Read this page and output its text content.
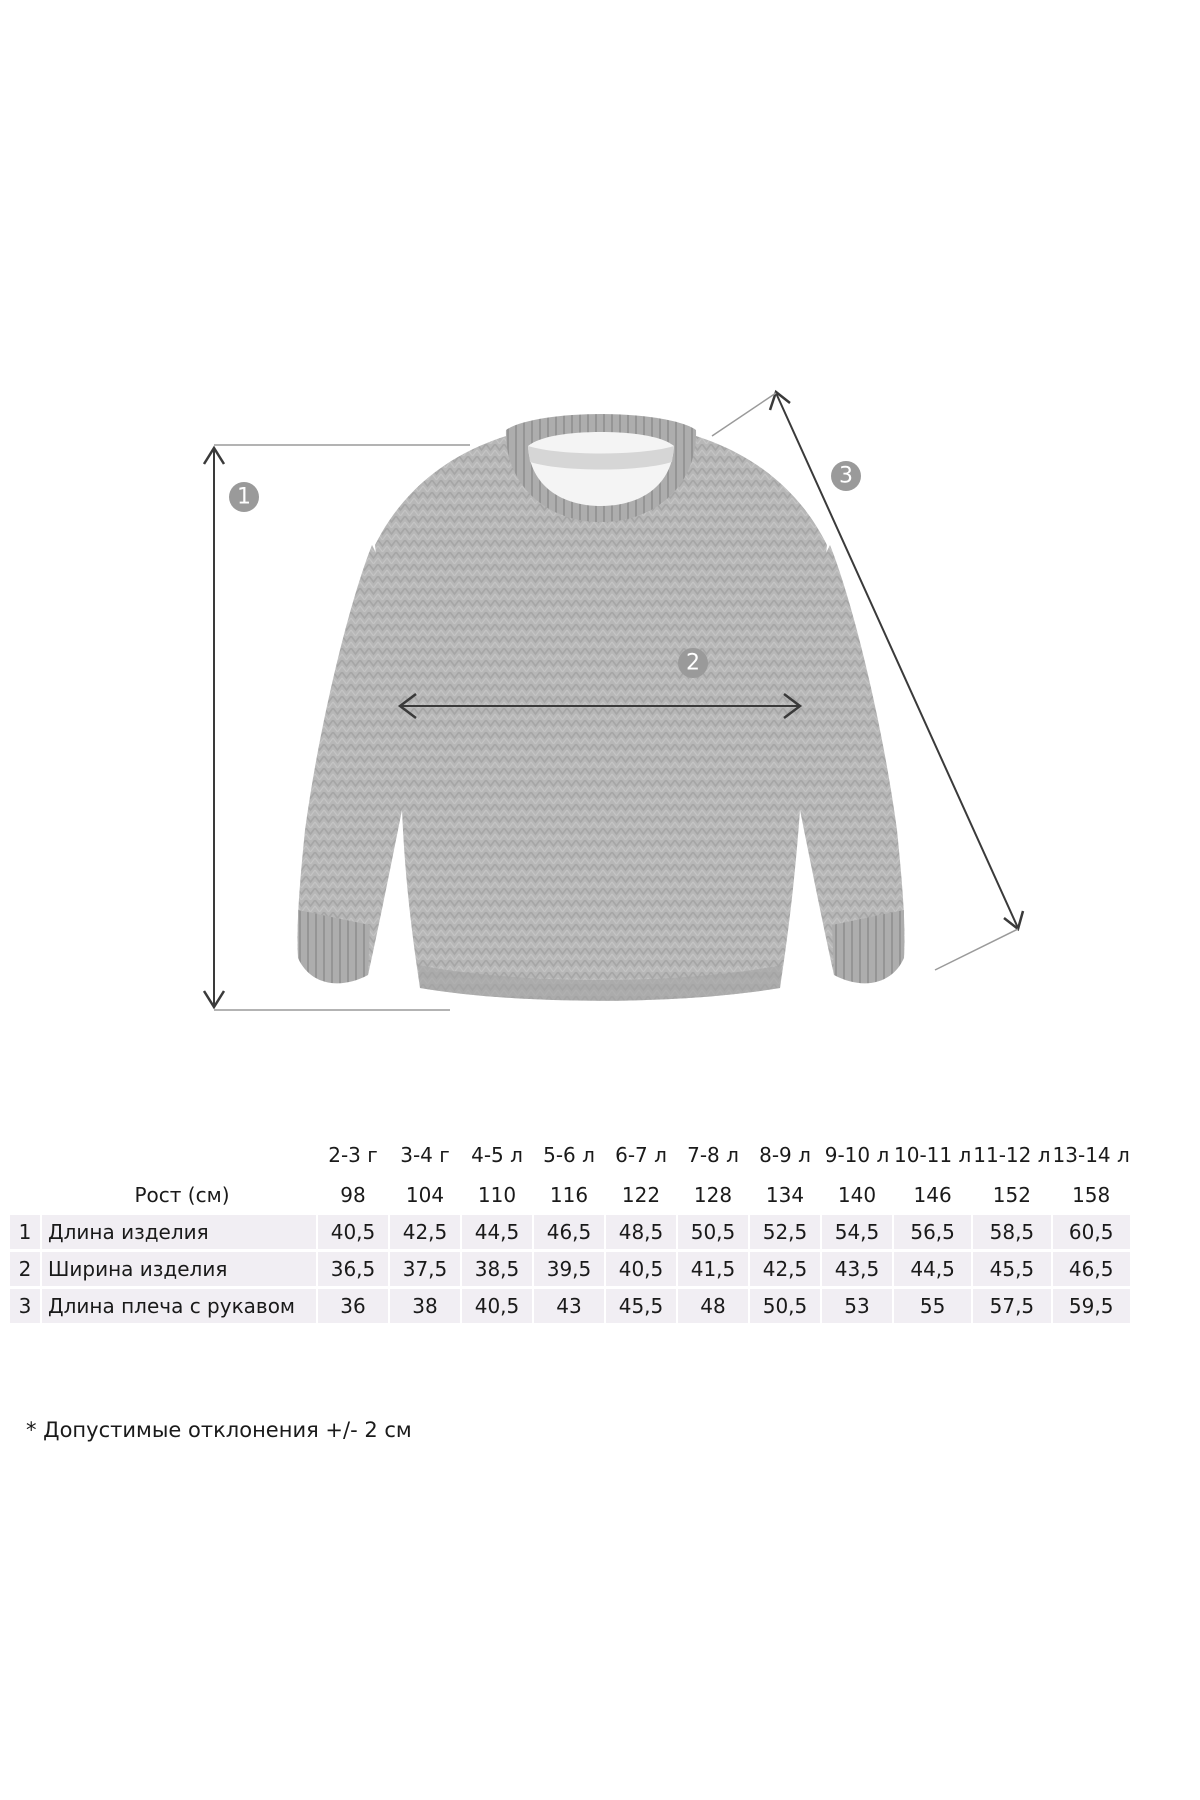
1
2
3
		2-3 г	3-4 г	4-5 л	5-6 л	6-7 л	7-8 л	8-9 л	9-10 л	10-11 л	11-12 л	13-14 л
	Рост (см)	98	104	110	116	122	128	134	140	146	152	158
1	Длина изделия	40,5	42,5	44,5	46,5	48,5	50,5	52,5	54,5	56,5	58,5	60,5
2	Ширина изделия	36,5	37,5	38,5	39,5	40,5	41,5	42,5	43,5	44,5	45,5	46,5
3	Длина плеча с рукавом	36	38	40,5	43	45,5	48	50,5	53	55	57,5	59,5
* Допустимые отклонения +/- 2 см
